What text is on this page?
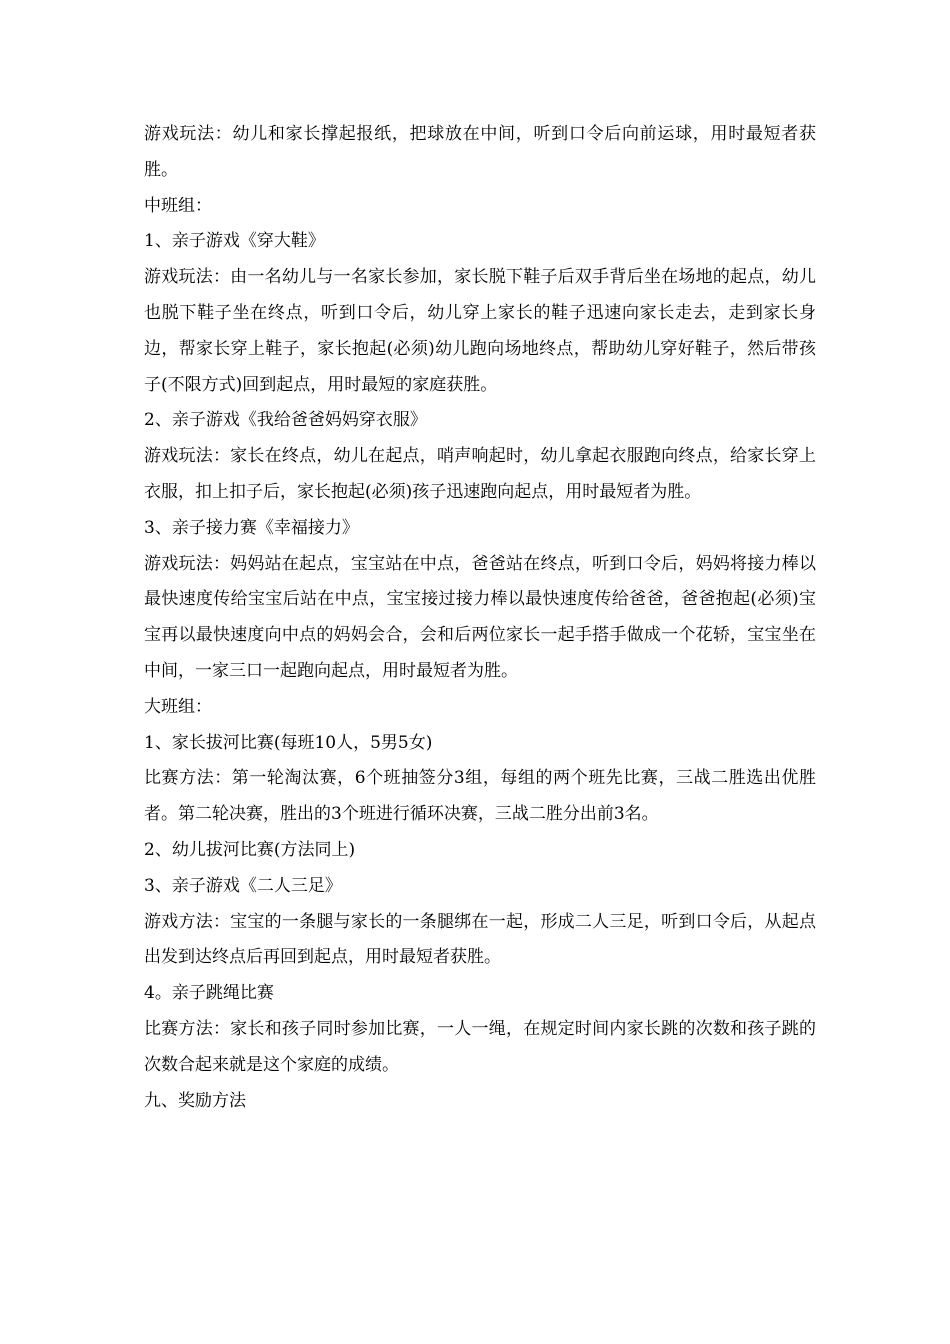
游戏玩法：幼儿和家长撑起报纸，把球放在中间，听到口令后向前运球，用时最短者获胜。

中班组：

1、亲子游戏《穿大鞋》

游戏玩法：由一名幼儿与一名家长参加，家长脱下鞋子后双手背后坐在场地的起点，幼儿也脱下鞋子坐在终点，听到口令后，幼儿穿上家长的鞋子迅速向家长走去，走到家长身边，帮家长穿上鞋子，家长抱起(必须)幼儿跑向场地终点，帮助幼儿穿好鞋子，然后带孩子(不限方式)回到起点，用时最短的家庭获胜。

2、亲子游戏《我给爸爸妈妈穿衣服》

游戏玩法：家长在终点，幼儿在起点，哨声响起时，幼儿拿起衣服跑向终点，给家长穿上衣服，扣上扣子后，家长抱起(必须)孩子迅速跑向起点，用时最短者为胜。

3、亲子接力赛《幸福接力》

游戏玩法：妈妈站在起点，宝宝站在中点，爸爸站在终点，听到口令后，妈妈将接力棒以最快速度传给宝宝后站在中点，宝宝接过接力棒以最快速度传给爸爸，爸爸抱起(必须)宝宝再以最快速度向中点的妈妈会合，会和后两位家长一起手搭手做成一个花轿，宝宝坐在中间，一家三口一起跑向起点，用时最短者为胜。

大班组：

1、家长拔河比赛(每班10人，5男5女)

比赛方法：第一轮淘汰赛，6个班抽签分3组，每组的两个班先比赛，三战二胜选出优胜者。第二轮决赛，胜出的3个班进行循环决赛，三战二胜分出前3名。

2、幼儿拔河比赛(方法同上)

3、亲子游戏《二人三足》

游戏方法：宝宝的一条腿与家长的一条腿绑在一起，形成二人三足，听到口令后，从起点出发到达终点后再回到起点，用时最短者获胜。

4。亲子跳绳比赛

比赛方法：家长和孩子同时参加比赛，一人一绳，在规定时间内家长跳的次数和孩子跳的次数合起来就是这个家庭的成绩。

九、奖励方法
